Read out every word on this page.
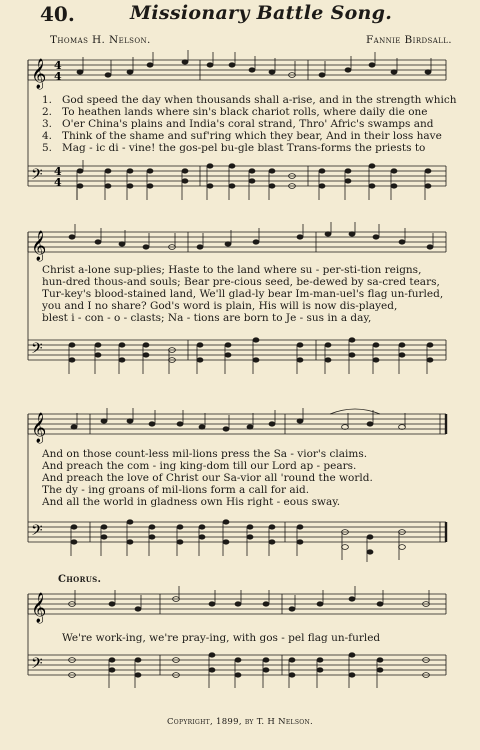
40.	Missionary Battle Song.
Thomas H. Nelson.	Fannie Birdsall.
𝄞 4
4
1. God speed the day when thousands shall a-rise, and in the strength which
2. To heathen lands where sin's black chariot rolls, where daily die one
3. O'er China's plains and India's coral strand, Thro' Afric's swamps and
4. Think of the shame and suf'ring which they bear, And in their loss have
5. Mag - ic di - vine! the gos-pel bu-gle blast Trans-forms the priests to
𝄢 4
4
𝄞
Christ a-lone sup-plies; Haste to the land where su - per-sti-tion reigns,
hun-dred thous-and souls; Bear pre-cious seed, be-dewed by sa-cred tears,
Tur-key's blood-stained land, We'll glad-ly bear Im-man-uel's flag un-furled,
you and I no share? God's word is plain, His will is now dis-played,
blest i - con - o - clasts; Na - tions are born to Je - sus in a day,
𝄢
𝄞
And on those count-less mil-lions press the Sa - vior's claims.
And preach the com - ing king-dom till our Lord ap - pears.
And preach the love of Christ our Sa-vior all 'round the world.
The dy - ing groans of mil-lions form a call for aid.
And all the world in gladness own His right - eous sway.
𝄢
Chorus.
𝄞
We're work-ing, we're pray-ing, with gos - pel flag un-furled
𝄢
Copyright, 1899, by T. H Nelson.
